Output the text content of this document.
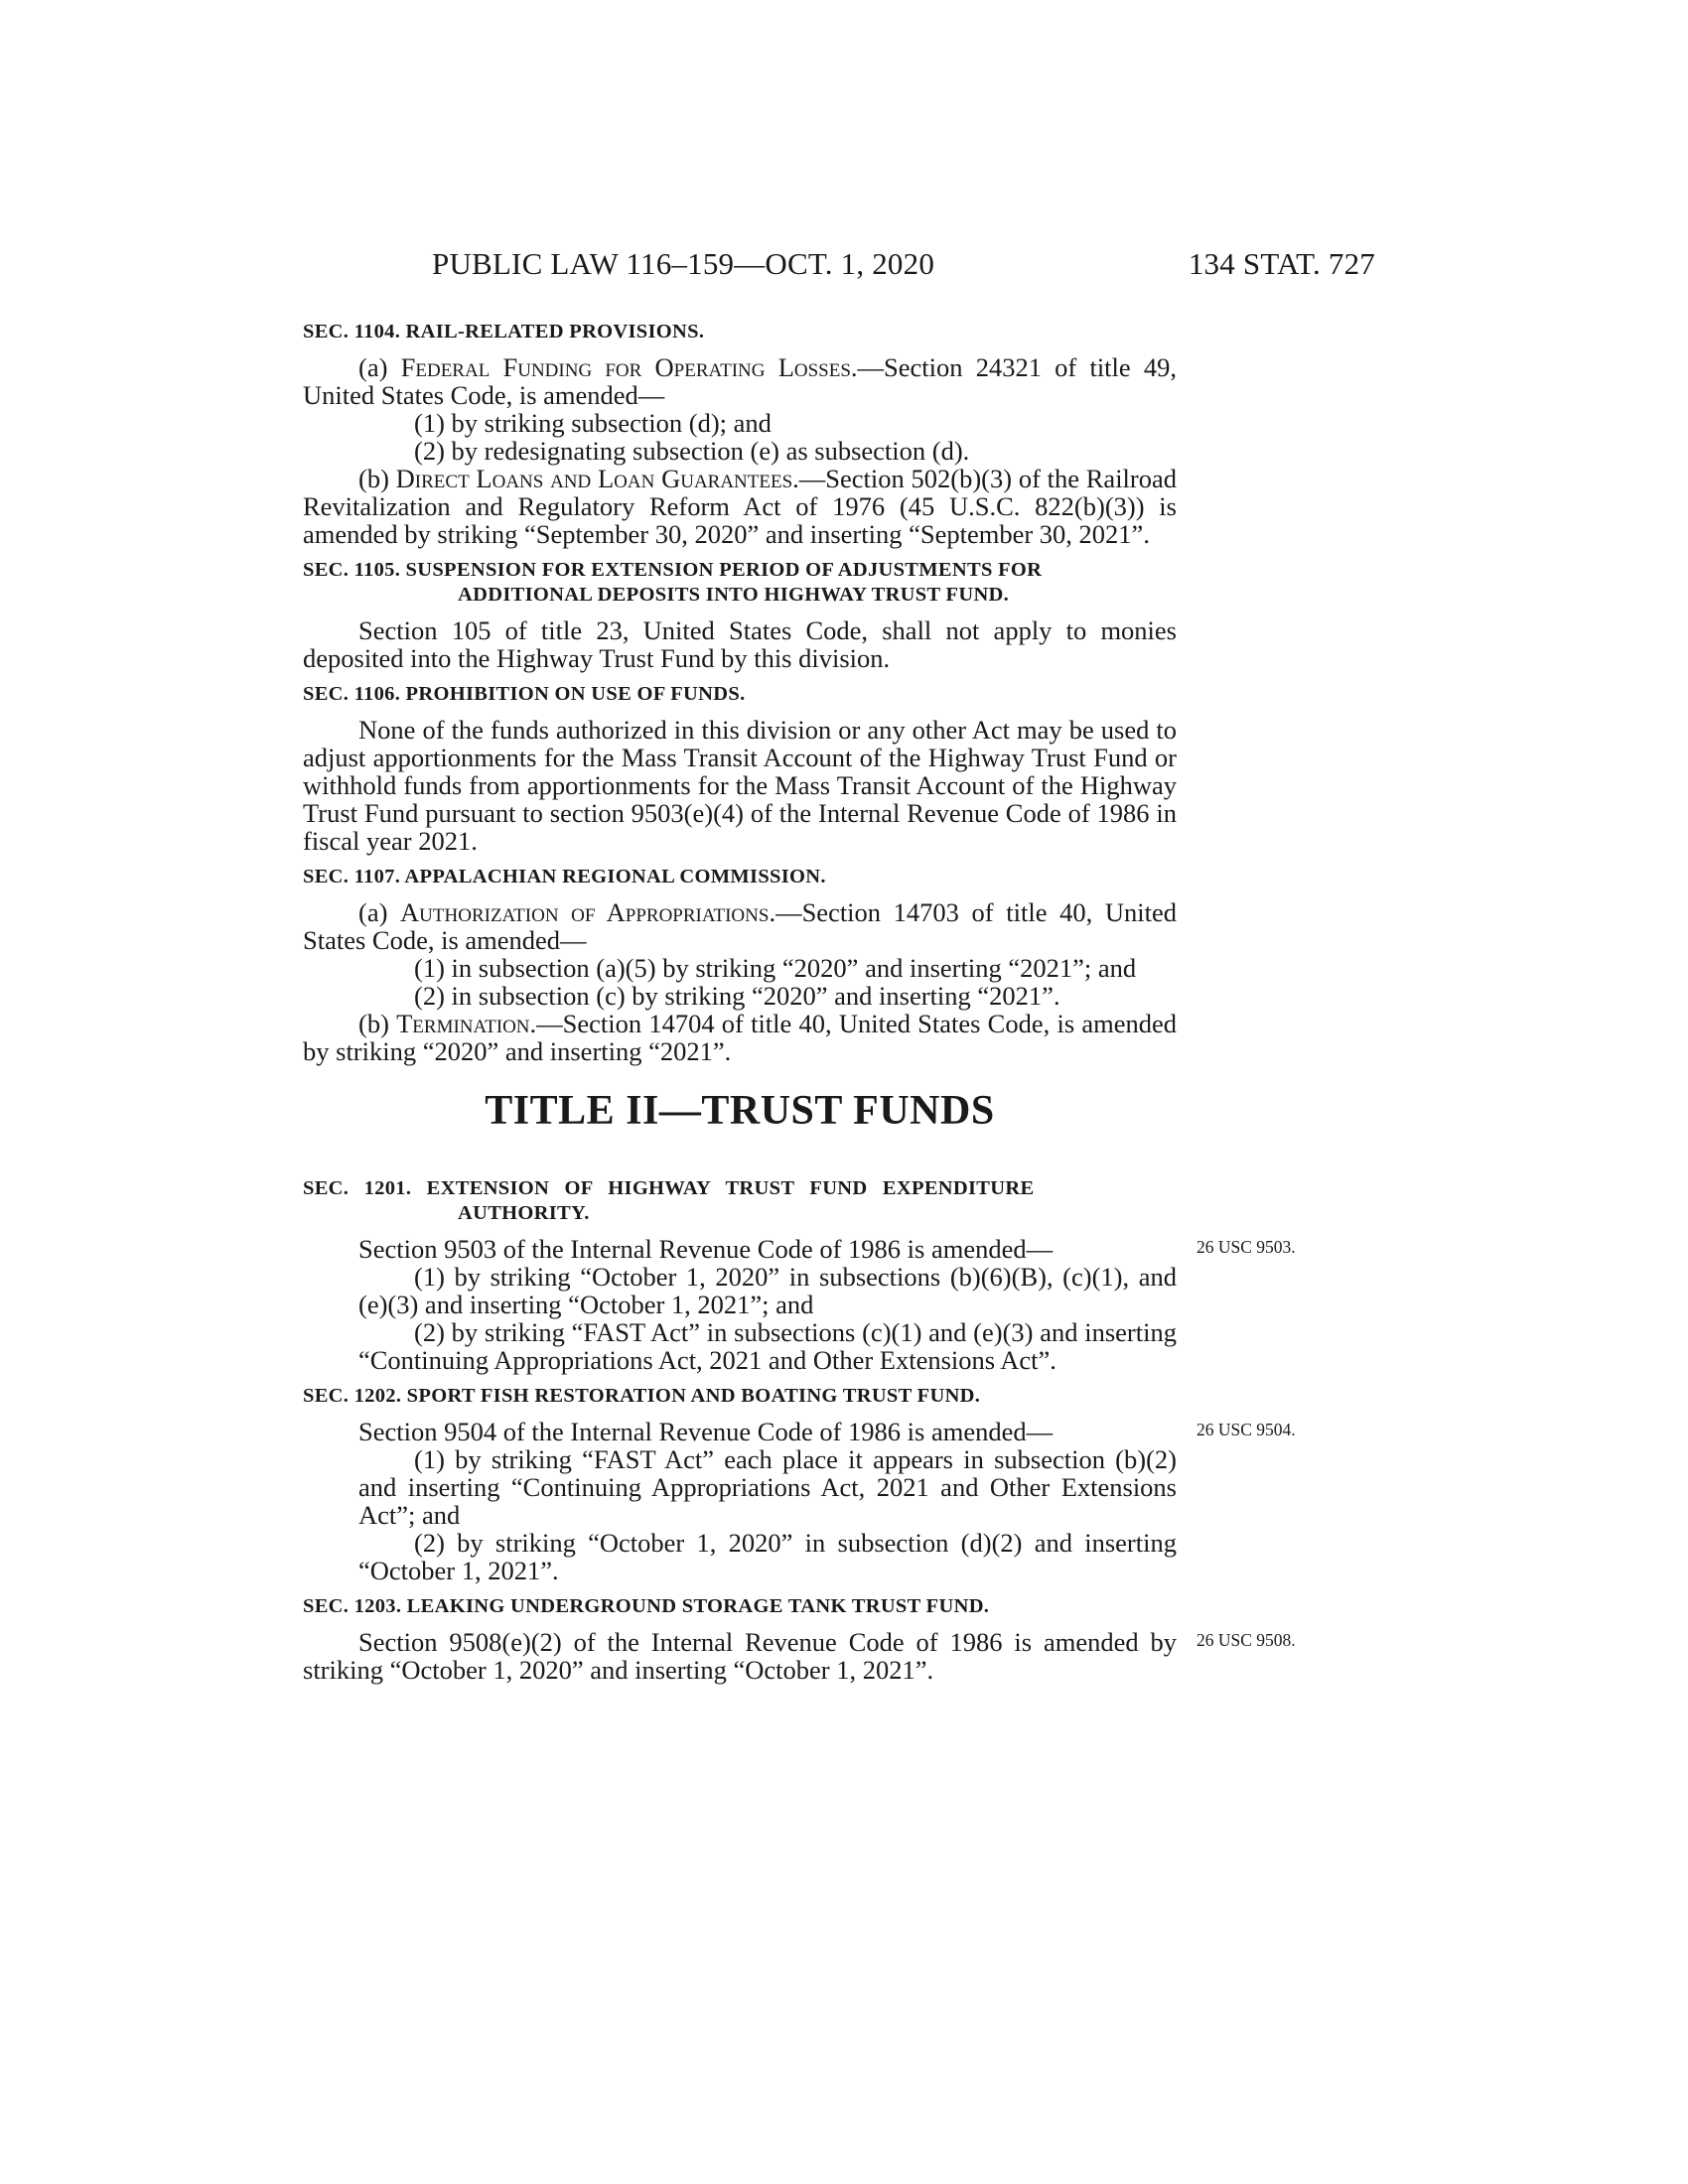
PUBLIC LAW 116–159—OCT. 1, 2020	134 STAT. 727
SEC. 1104. RAIL-RELATED PROVISIONS.

(a) Federal Funding for Operating Losses.—Section 24321 of title 49, United States Code, is amended—

(1) by striking subsection (d); and

(2) by redesignating subsection (e) as subsection (d).

(b) Direct Loans and Loan Guarantees.—Section 502(b)(3) of the Railroad Revitalization and Regulatory Reform Act of 1976 (45 U.S.C. 822(b)(3)) is amended by striking “September 30, 2020” and inserting “September 30, 2021”.

SEC. 1105. SUSPENSION FOR EXTENSION PERIOD OF ADJUSTMENTS FOR ADDITIONAL DEPOSITS INTO HIGHWAY TRUST FUND.

Section 105 of title 23, United States Code, shall not apply to monies deposited into the Highway Trust Fund by this division.

SEC. 1106. PROHIBITION ON USE OF FUNDS.

None of the funds authorized in this division or any other Act may be used to adjust apportionments for the Mass Transit Account of the Highway Trust Fund or withhold funds from apportionments for the Mass Transit Account of the Highway Trust Fund pursuant to section 9503(e)(4) of the Internal Revenue Code of 1986 in fiscal year 2021.

SEC. 1107. APPALACHIAN REGIONAL COMMISSION.

(a) Authorization of Appropriations.—Section 14703 of title 40, United States Code, is amended—

(1) in subsection (a)(5) by striking “2020” and inserting “2021”; and

(2) in subsection (c) by striking “2020” and inserting “2021”.

(b) Termination.—Section 14704 of title 40, United States Code, is amended by striking “2020” and inserting “2021”.

TITLE II—TRUST FUNDS
SEC. 1201. EXTENSION OF HIGHWAY TRUST FUND EXPENDITURE AUTHORITY.

Section 9503 of the Internal Revenue Code of 1986 is amended—	26 USC 9503.

(1) by striking “October 1, 2020” in subsections (b)(6)(B), (c)(1), and (e)(3) and inserting “October 1, 2021”; and

(2) by striking “FAST Act” in subsections (c)(1) and (e)(3) and inserting “Continuing Appropriations Act, 2021 and Other Extensions Act”.

SEC. 1202. SPORT FISH RESTORATION AND BOATING TRUST FUND.

Section 9504 of the Internal Revenue Code of 1986 is amended—	26 USC 9504.

(1) by striking “FAST Act” each place it appears in subsection (b)(2) and inserting “Continuing Appropriations Act, 2021 and Other Extensions Act”; and

(2) by striking “October 1, 2020” in subsection (d)(2) and inserting “October 1, 2021”.

SEC. 1203. LEAKING UNDERGROUND STORAGE TANK TRUST FUND.

Section 9508(e)(2) of the Internal Revenue Code of 1986 is amended by striking “October 1, 2020” and inserting “October 1, 2021”.

26 USC 9508.
